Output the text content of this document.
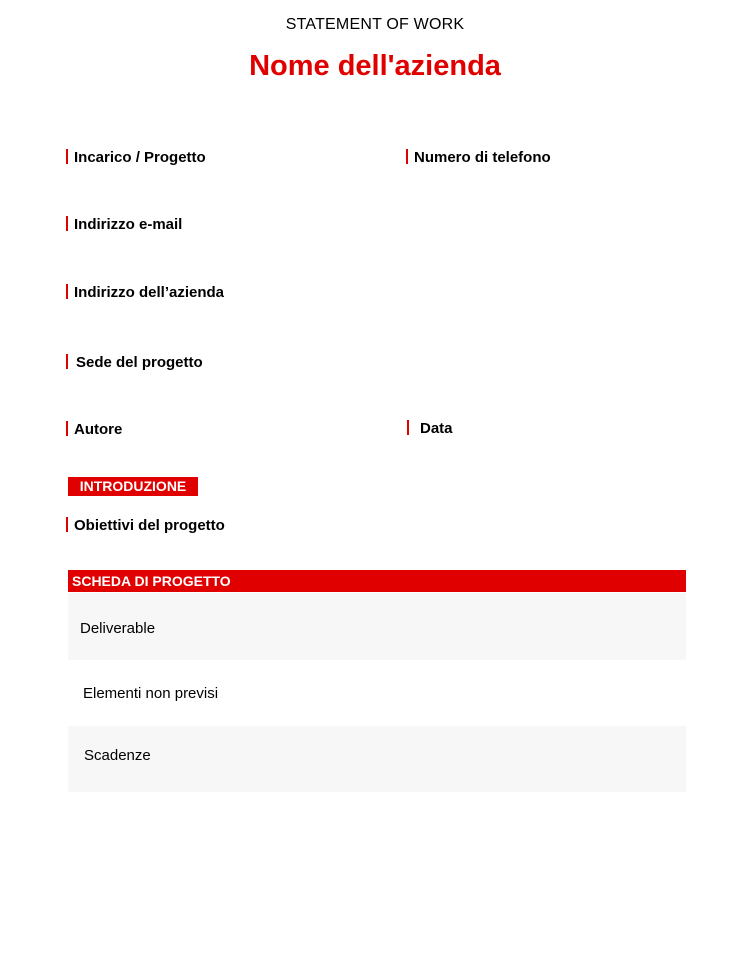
STATEMENT OF WORK
Nome dell'azienda
Incarico / Progetto	Numero di telefono
Indirizzo e-mail
Indirizzo dell’azienda
Sede del progetto
Autore	Data
INTRODUZIONE
Obiettivi del progetto
SCHEDA DI PROGETTO
Deliverable
Elementi non previsi
Scadenze
